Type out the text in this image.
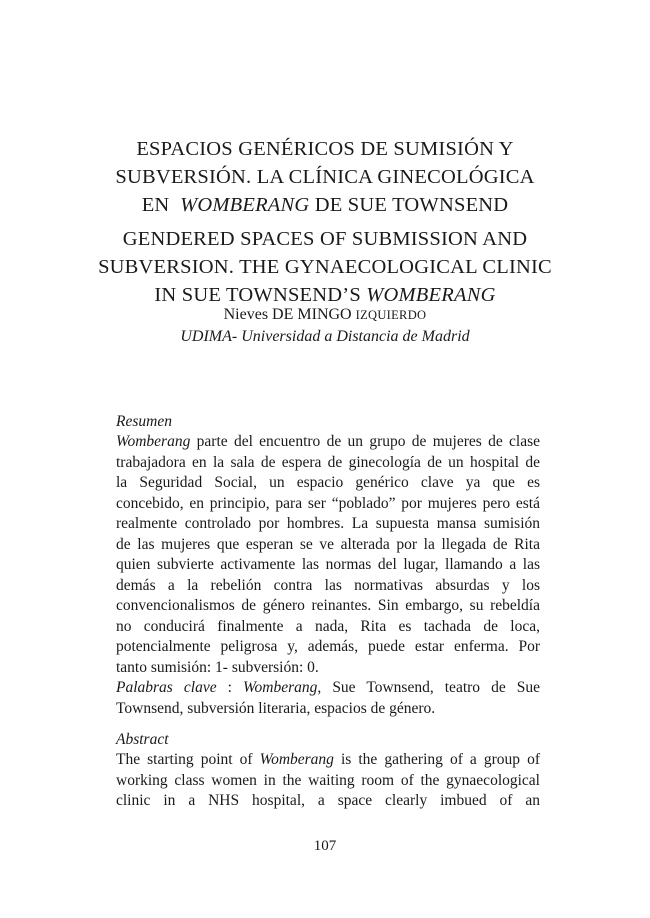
ESPACIOS GENÉRICOS DE SUMISIÓN Y
SUBVERSIÓN. LA CLÍNICA GINECOLÓGICA
EN WOMBERANG DE SUE TOWNSEND
GENDERED SPACES OF SUBMISSION AND
SUBVERSION. THE GYNAECOLOGICAL CLINIC
IN SUE TOWNSEND’S WOMBERANG
Nieves DE MINGO IZQUIERDO
UDIMA- Universidad a Distancia de Madrid
Resumen
Womberang parte del encuentro de un grupo de mujeres de clase
trabajadora en la sala de espera de ginecología de un hospital de
la Seguridad Social, un espacio genérico clave ya que es
concebido, en principio, para ser “poblado” por mujeres pero está
realmente controlado por hombres. La supuesta mansa sumisión
de las mujeres que esperan se ve alterada por la llegada de Rita
quien subvierte activamente las normas del lugar, llamando a las
demás a la rebelión contra las normativas absurdas y los
convencionalismos de género reinantes. Sin embargo, su rebeldía
no conducirá finalmente a nada, Rita es tachada de loca,
potencialmente peligrosa y, además, puede estar enferma. Por
tanto sumisión: 1- subversión: 0.
Palabras clave : Womberang, Sue Townsend, teatro de Sue
Townsend, subversión literaria, espacios de género.
Abstract
The starting point of Womberang is the gathering of a group of
working class women in the waiting room of the gynaecological
clinic in a NHS hospital, a space clearly imbued of an
107
